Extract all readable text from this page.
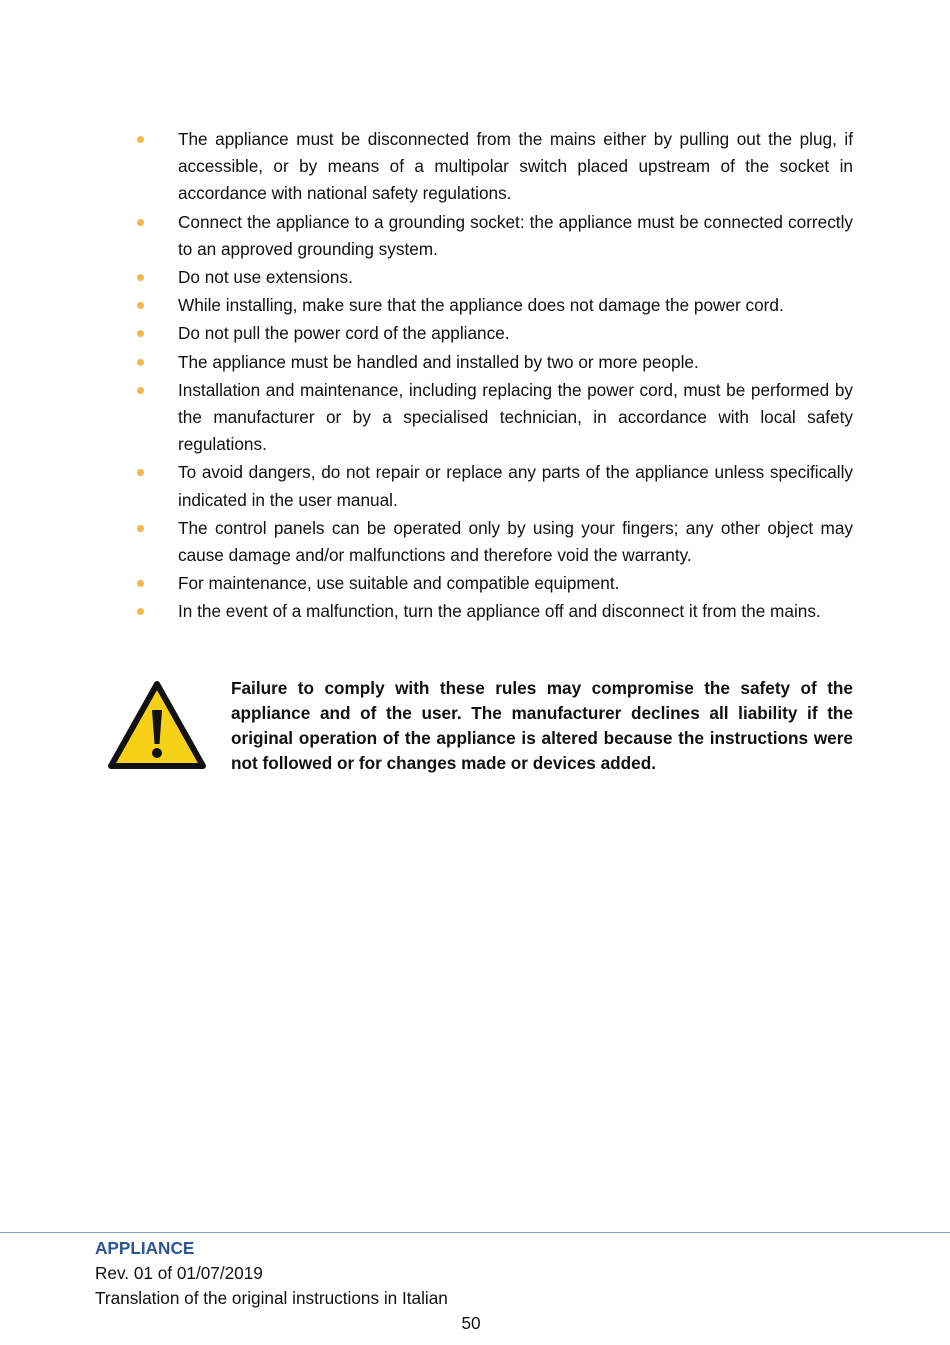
The appliance must be disconnected from the mains either by pulling out the plug, if accessible, or by means of a multipolar switch placed upstream of the socket in accordance with national safety regulations.
Connect the appliance to a grounding socket: the appliance must be connected correctly to an approved grounding system.
Do not use extensions.
While installing, make sure that the appliance does not damage the power cord.
Do not pull the power cord of the appliance.
The appliance must be handled and installed by two or more people.
Installation and maintenance, including replacing the power cord, must be performed by the manufacturer or by a specialised technician, in accordance with local safety regulations.
To avoid dangers, do not repair or replace any parts of the appliance unless specifically indicated in the user manual.
The control panels can be operated only by using your fingers; any other object may cause damage and/or malfunctions and therefore void the warranty.
For maintenance, use suitable and compatible equipment.
In the event of a malfunction, turn the appliance off and disconnect it from the mains.
Failure to comply with these rules may compromise the safety of the appliance and of the user. The manufacturer declines all liability if the original operation of the appliance is altered because the instructions were not followed or for changes made or devices added.
APPLIANCE
Rev. 01 of 01/07/2019
Translation of the original instructions in Italian
50
